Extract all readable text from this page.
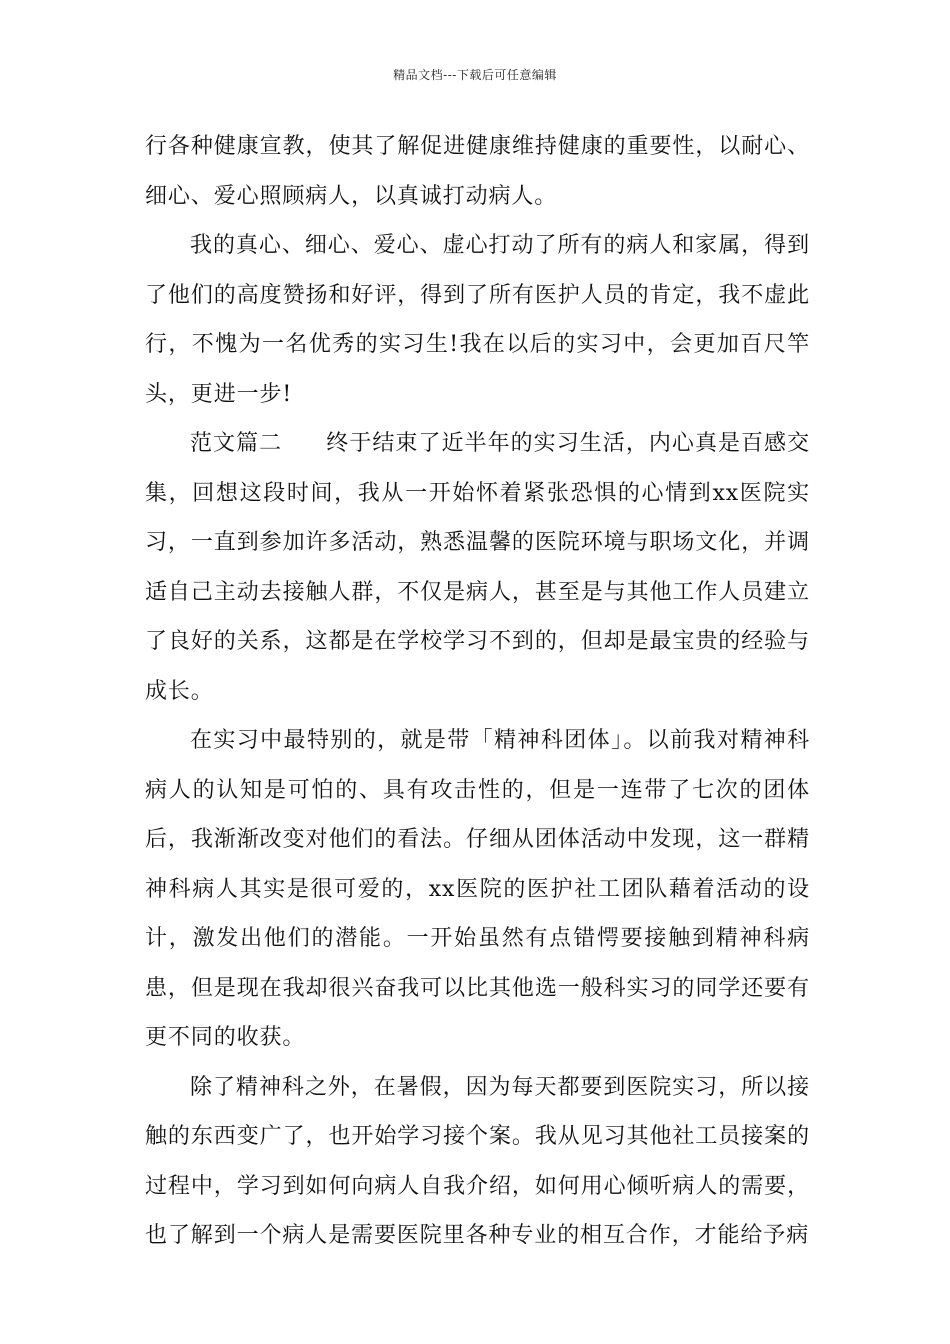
精品文档---下载后可任意编辑

行各种健康宣教，使其了解促进健康维持健康的重要性，以耐心、细心、爱心照顾病人，以真诚打动病人。

我的真心、细心、爱心、虚心打动了所有的病人和家属，得到了他们的高度赞扬和好评，得到了所有医护人员的肯定，我不虚此行，不愧为一名优秀的实习生!我在以后的实习中，会更加百尺竿头，更进一步!

范文篇二 终于结束了近半年的实习生活，内心真是百感交集，回想这段时间，我从一开始怀着紧张恐惧的心情到xx医院实习，一直到参加许多活动，熟悉温馨的医院环境与职场文化，并调适自己主动去接触人群，不仅是病人，甚至是与其他工作人员建立了良好的关系，这都是在学校学习不到的，但却是最宝贵的经验与成长。

在实习中最特别的，就是带「精神科团体」。以前我对精神科病人的认知是可怕的、具有攻击性的，但是一连带了七次的团体后，我渐渐改变对他们的看法。仔细从团体活动中发现，这一群精神科病人其实是很可爱的，xx医院的医护社工团队藉着活动的设计，激发出他们的潜能。一开始虽然有点错愕要接触到精神科病患，但是现在我却很兴奋我可以比其他选一般科实习的同学还要有更不同的收获。

除了精神科之外，在暑假，因为每天都要到医院实习，所以接触的东西变广了，也开始学习接个案。我从见习其他社工员接案的过程中，学习到如何向病人自我介绍，如何用心倾听病人的需要，也了解到一个病人是需要医院里各种专业的相互合作，才能给予病
